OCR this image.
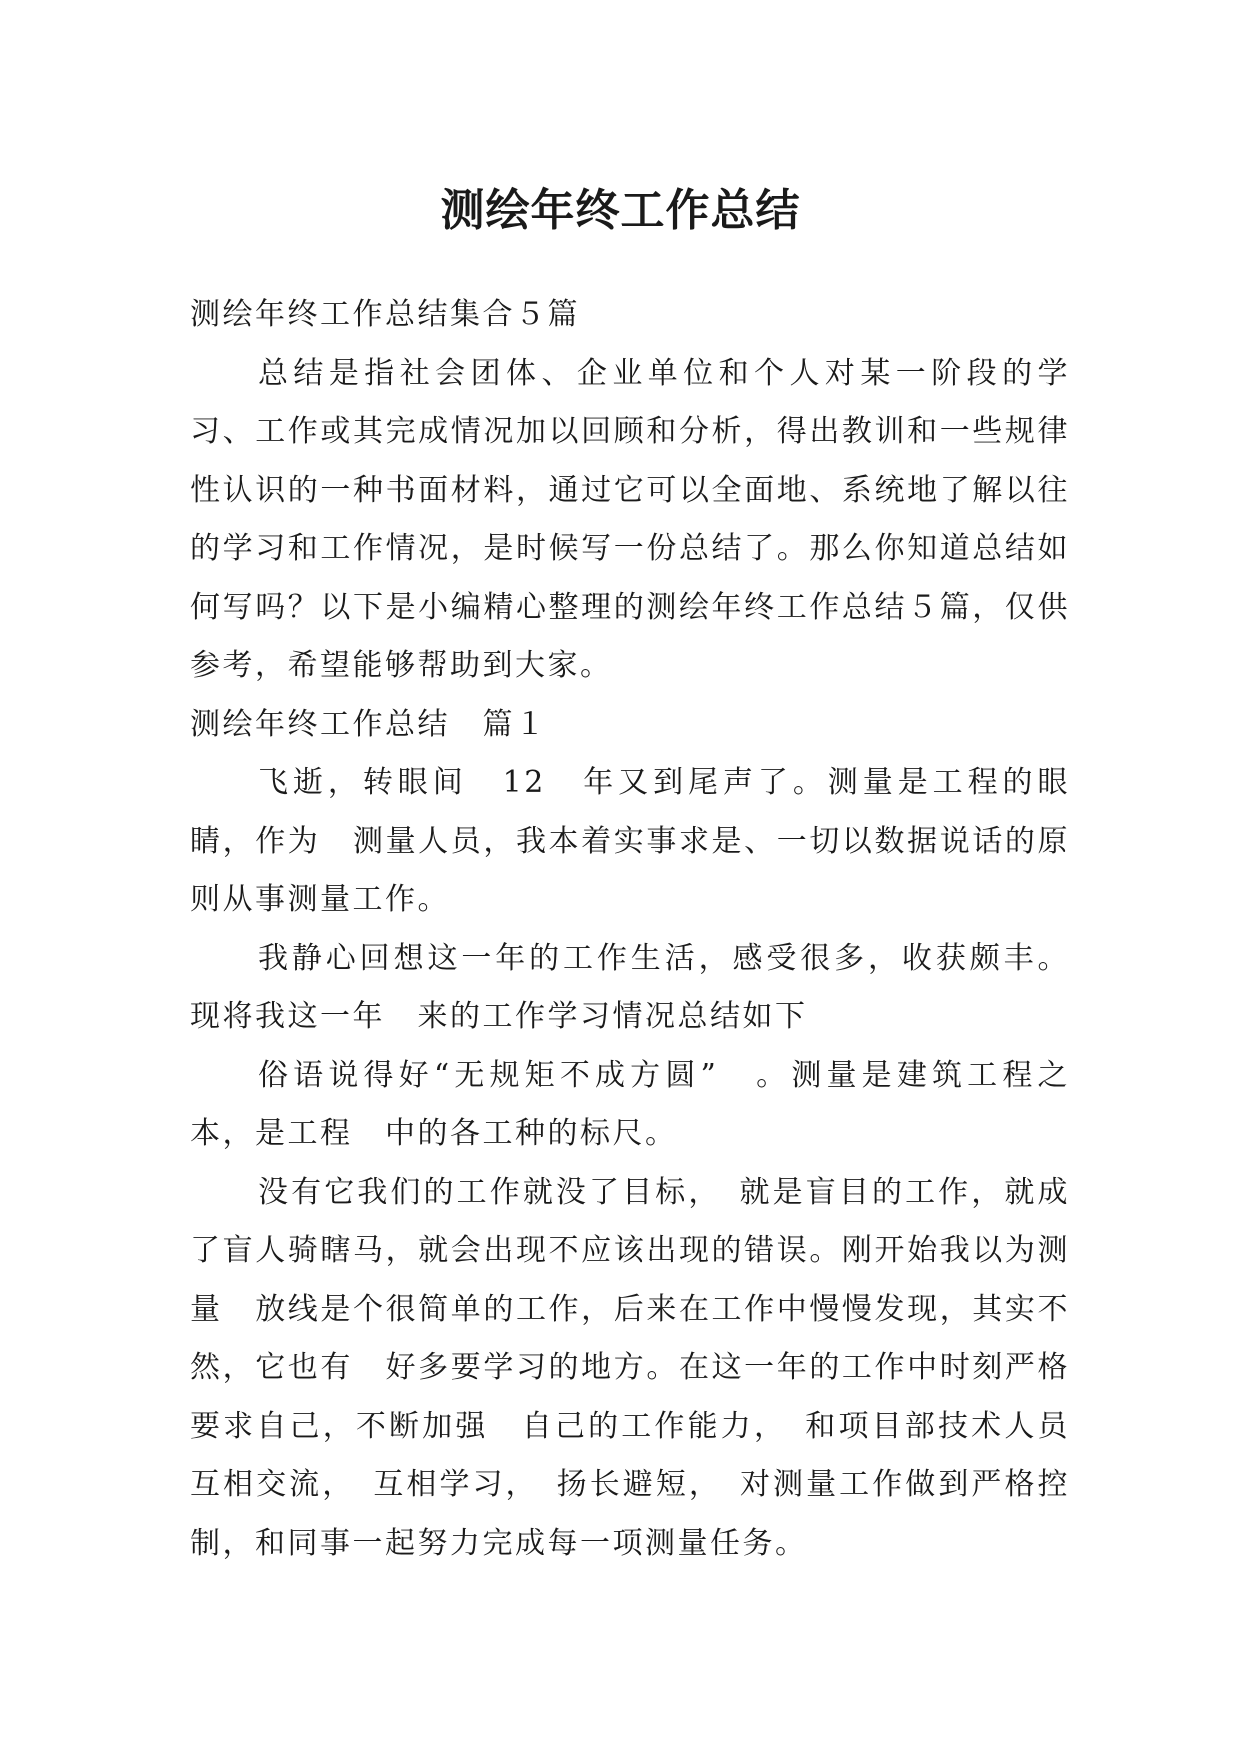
测绘年终工作总结

测绘年终工作总结集合５篇

总结是指社会团体、企业单位和个人对某一阶段的学习、工作或其完成情况加以回顾和分析，得出教训和一些规律性认识的一种书面材料，通过它可以全面地、系统地了解以往的学习和工作情况，是时候写一份总结了。那么你知道总结如何写吗？以下是小编精心整理的测绘年终工作总结５篇，仅供参考，希望能够帮助到大家。

测绘年终工作总结　篇１

飞逝，转眼间　12　年又到尾声了。测量是工程的眼睛，作为　测量人员，我本着实事求是、一切以数据说话的原则从事测量工作。

我静心回想这一年的工作生活，感受很多，收获颇丰。现将我这一年　来的工作学习情况总结如下

俗语说得好“无规矩不成方圆”　。测量是建筑工程之本，是工程　中的各工种的标尺。

没有它我们的工作就没了目标，　就是盲目的工作，就成了盲人骑瞎马，就会出现不应该出现的错误。刚开始我以为测量　放线是个很简单的工作，后来在工作中慢慢发现，其实不然，它也有　好多要学习的地方。在这一年的工作中时刻严格要求自己，不断加强　自己的工作能力，　和项目部技术人员互相交流，　互相学习，　扬长避短，　对测量工作做到严格控制，和同事一起努力完成每一项测量任务。
